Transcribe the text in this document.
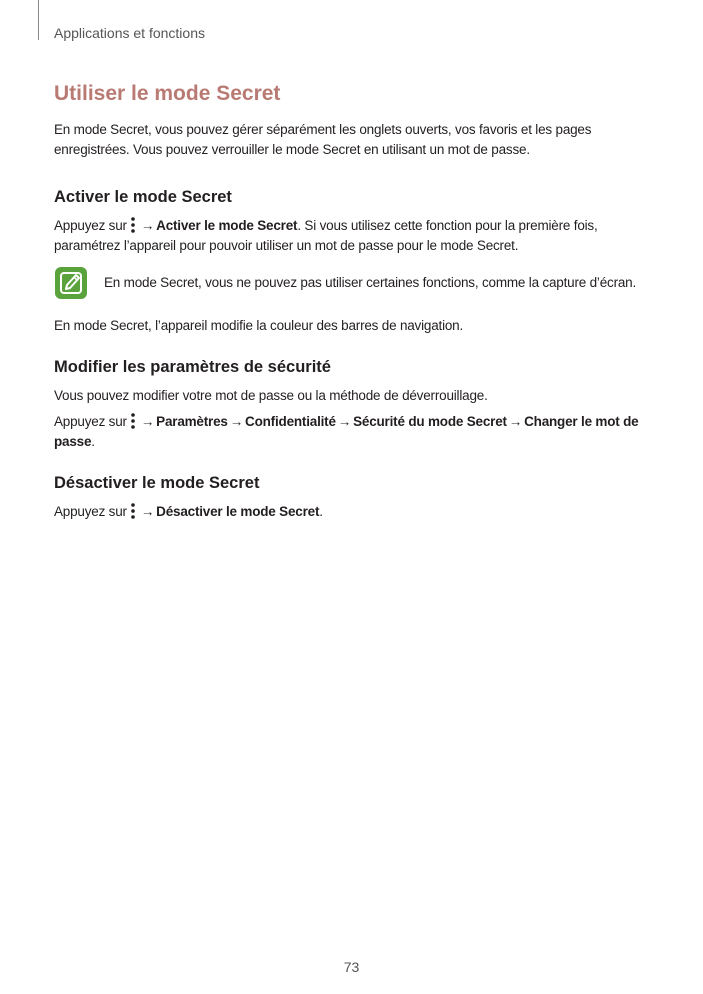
Applications et fonctions
Utiliser le mode Secret

En mode Secret, vous pouvez gérer séparément les onglets ouverts, vos favoris et les pages enregistrées. Vous pouvez verrouiller le mode Secret en utilisant un mot de passe.

Activer le mode Secret

Appuyez sur → Activer le mode Secret. Si vous utilisez cette fonction pour la première fois, paramétrez l’appareil pour pouvoir utiliser un mot de passe pour le mode Secret.

En mode Secret, vous ne pouvez pas utiliser certaines fonctions, comme la capture d’écran.

En mode Secret, l’appareil modifie la couleur des barres de navigation.

Modifier les paramètres de sécurité

Vous pouvez modifier votre mot de passe ou la méthode de déverrouillage.

Appuyez sur → Paramètres → Confidentialité → Sécurité du mode Secret → Changer le mot de passe.

Désactiver le mode Secret

Appuyez sur → Désactiver le mode Secret.

73
